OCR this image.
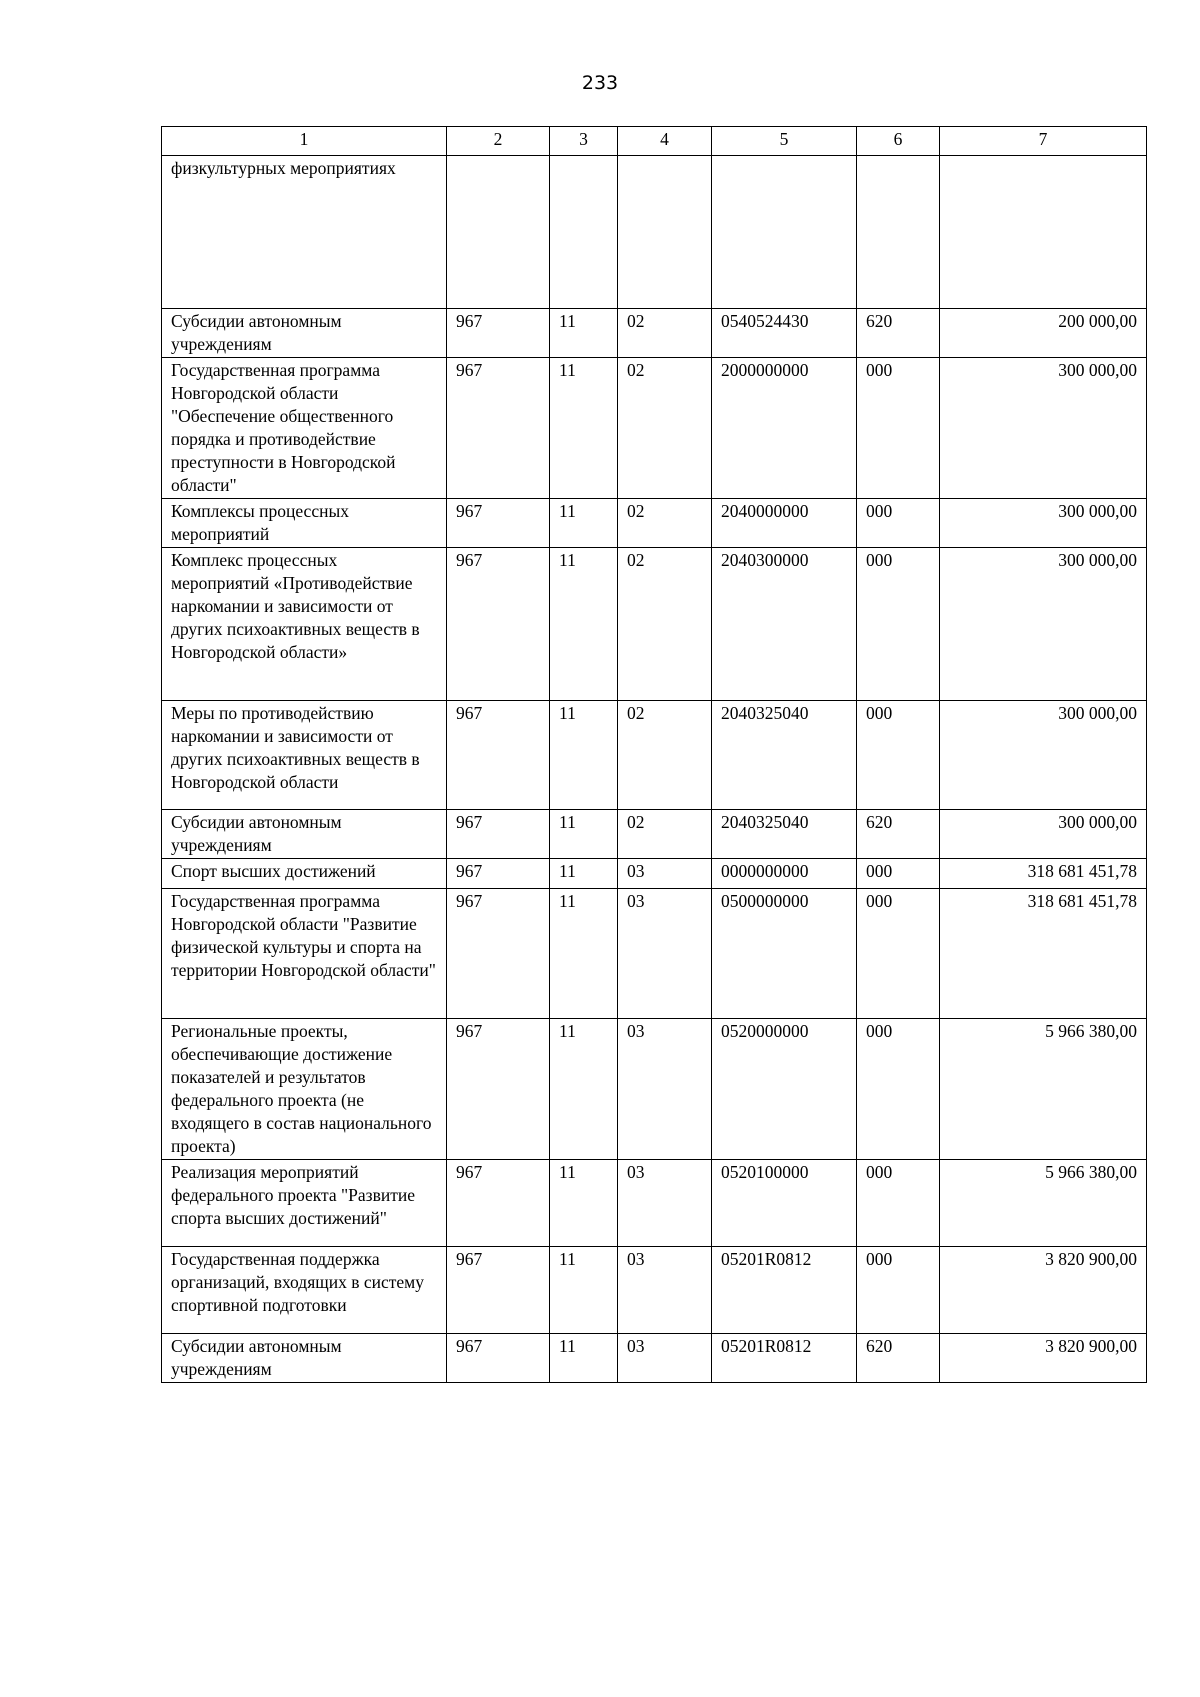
233
1	2	3	4	5	6	7
физкультурных мероприятиях						
Субсидии автономным учреждениям	967	11	02	0540524430	620	200 000,00
Государственная программа Новгородской области "Обеспечение общественного порядка и противодействие преступности в Новгородской области"	967	11	02	2000000000	000	300 000,00
Комплексы процессных мероприятий	967	11	02	2040000000	000	300 000,00
Комплекс процессных мероприятий «Противодействие наркомании и зависимости от других психоактивных веществ в Новгородской области»	967	11	02	2040300000	000	300 000,00
Меры по противодействию наркомании и зависимости от других психоактивных веществ в Новгородской области	967	11	02	2040325040	000	300 000,00
Субсидии автономным учреждениям	967	11	02	2040325040	620	300 000,00
Спорт высших достижений	967	11	03	0000000000	000	318 681 451,78
Государственная программа Новгородской области "Развитие физической культуры и спорта на территории Новгородской области"	967	11	03	0500000000	000	318 681 451,78
Региональные проекты, обеспечивающие достижение показателей и результатов федерального проекта (не входящего в состав национального проекта)	967	11	03	0520000000	000	5 966 380,00
Реализация мероприятий федерального проекта "Развитие спорта высших достижений"	967	11	03	0520100000	000	5 966 380,00
Государственная поддержка организаций, входящих в систему спортивной подготовки	967	11	03	05201R0812	000	3 820 900,00
Субсидии автономным учреждениям	967	11	03	05201R0812	620	3 820 900,00
